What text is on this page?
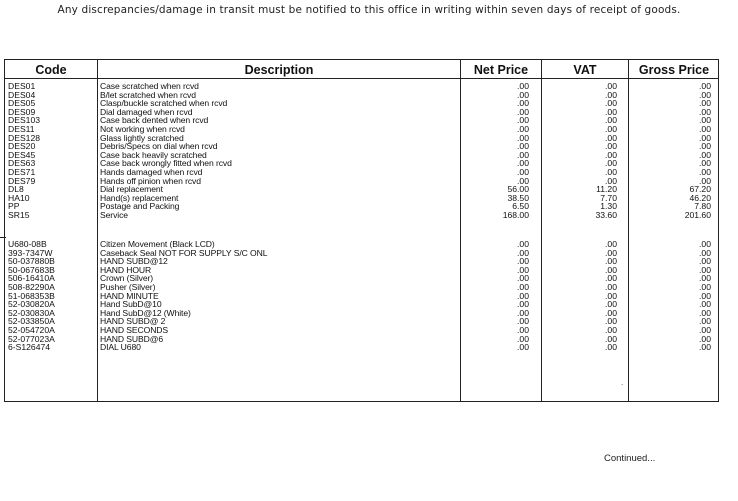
Any discrepancies/damage in transit must be notified to this office in writing within seven days of receipt of goods.
Code	Description	Net Price	VAT	Gross Price
DES01	Case scratched when rcvd	.00	.00	.00
DES04	B/let scratched when rcvd	.00	.00	.00
DES05	Clasp/buckle scratched when rcvd	.00	.00	.00
DES09	Dial damaged when rcvd	.00	.00	.00
DES103	Case back dented when rcvd	.00	.00	.00
DES11	Not working when rcvd	.00	.00	.00
DES128	Glass lightly scratched	.00	.00	.00
DES20	Debris/Specs on dial when rcvd	.00	.00	.00
DES45	Case back heavily scratched	.00	.00	.00
DES63	Case back wrongly fitted when rcvd	.00	.00	.00
DES71	Hands damaged when rcvd	.00	.00	.00
DES79	Hands off pinion when rcvd	.00	.00	.00
DL8	Dial replacement	56.00	11.20	67.20
HA10	Hand(s) replacement	38.50	7.70	46.20
PP	Postage and Packing	6.50	1.30	7.80
SR15	Service	168.00	33.60	201.60
U680-08B	Citizen Movement (Black LCD)	.00	.00	.00
393-7347W	Caseback Seal NOT FOR SUPPLY S/C ONL	.00	.00	.00
50-037880B	HAND SUBD@12	.00	.00	.00
50-067683B	HAND HOUR	.00	.00	.00
506-16410A	Crown (Silver)	.00	.00	.00
508-82290A	Pusher (Silver)	.00	.00	.00
51-068353B	HAND MINUTE	.00	.00	.00
52-030820A	Hand SubD@10	.00	.00	.00
52-030830A	Hand SubD@12 (White)	.00	.00	.00
52-033850A	HAND SUBD@ 2	.00	.00	.00
52-054720A	HAND SECONDS	.00	.00	.00
52-077023A	HAND SUBD@6	.00	.00	.00
6-S126474	DIAL U680	.00	.00	.00
.
Continued...
